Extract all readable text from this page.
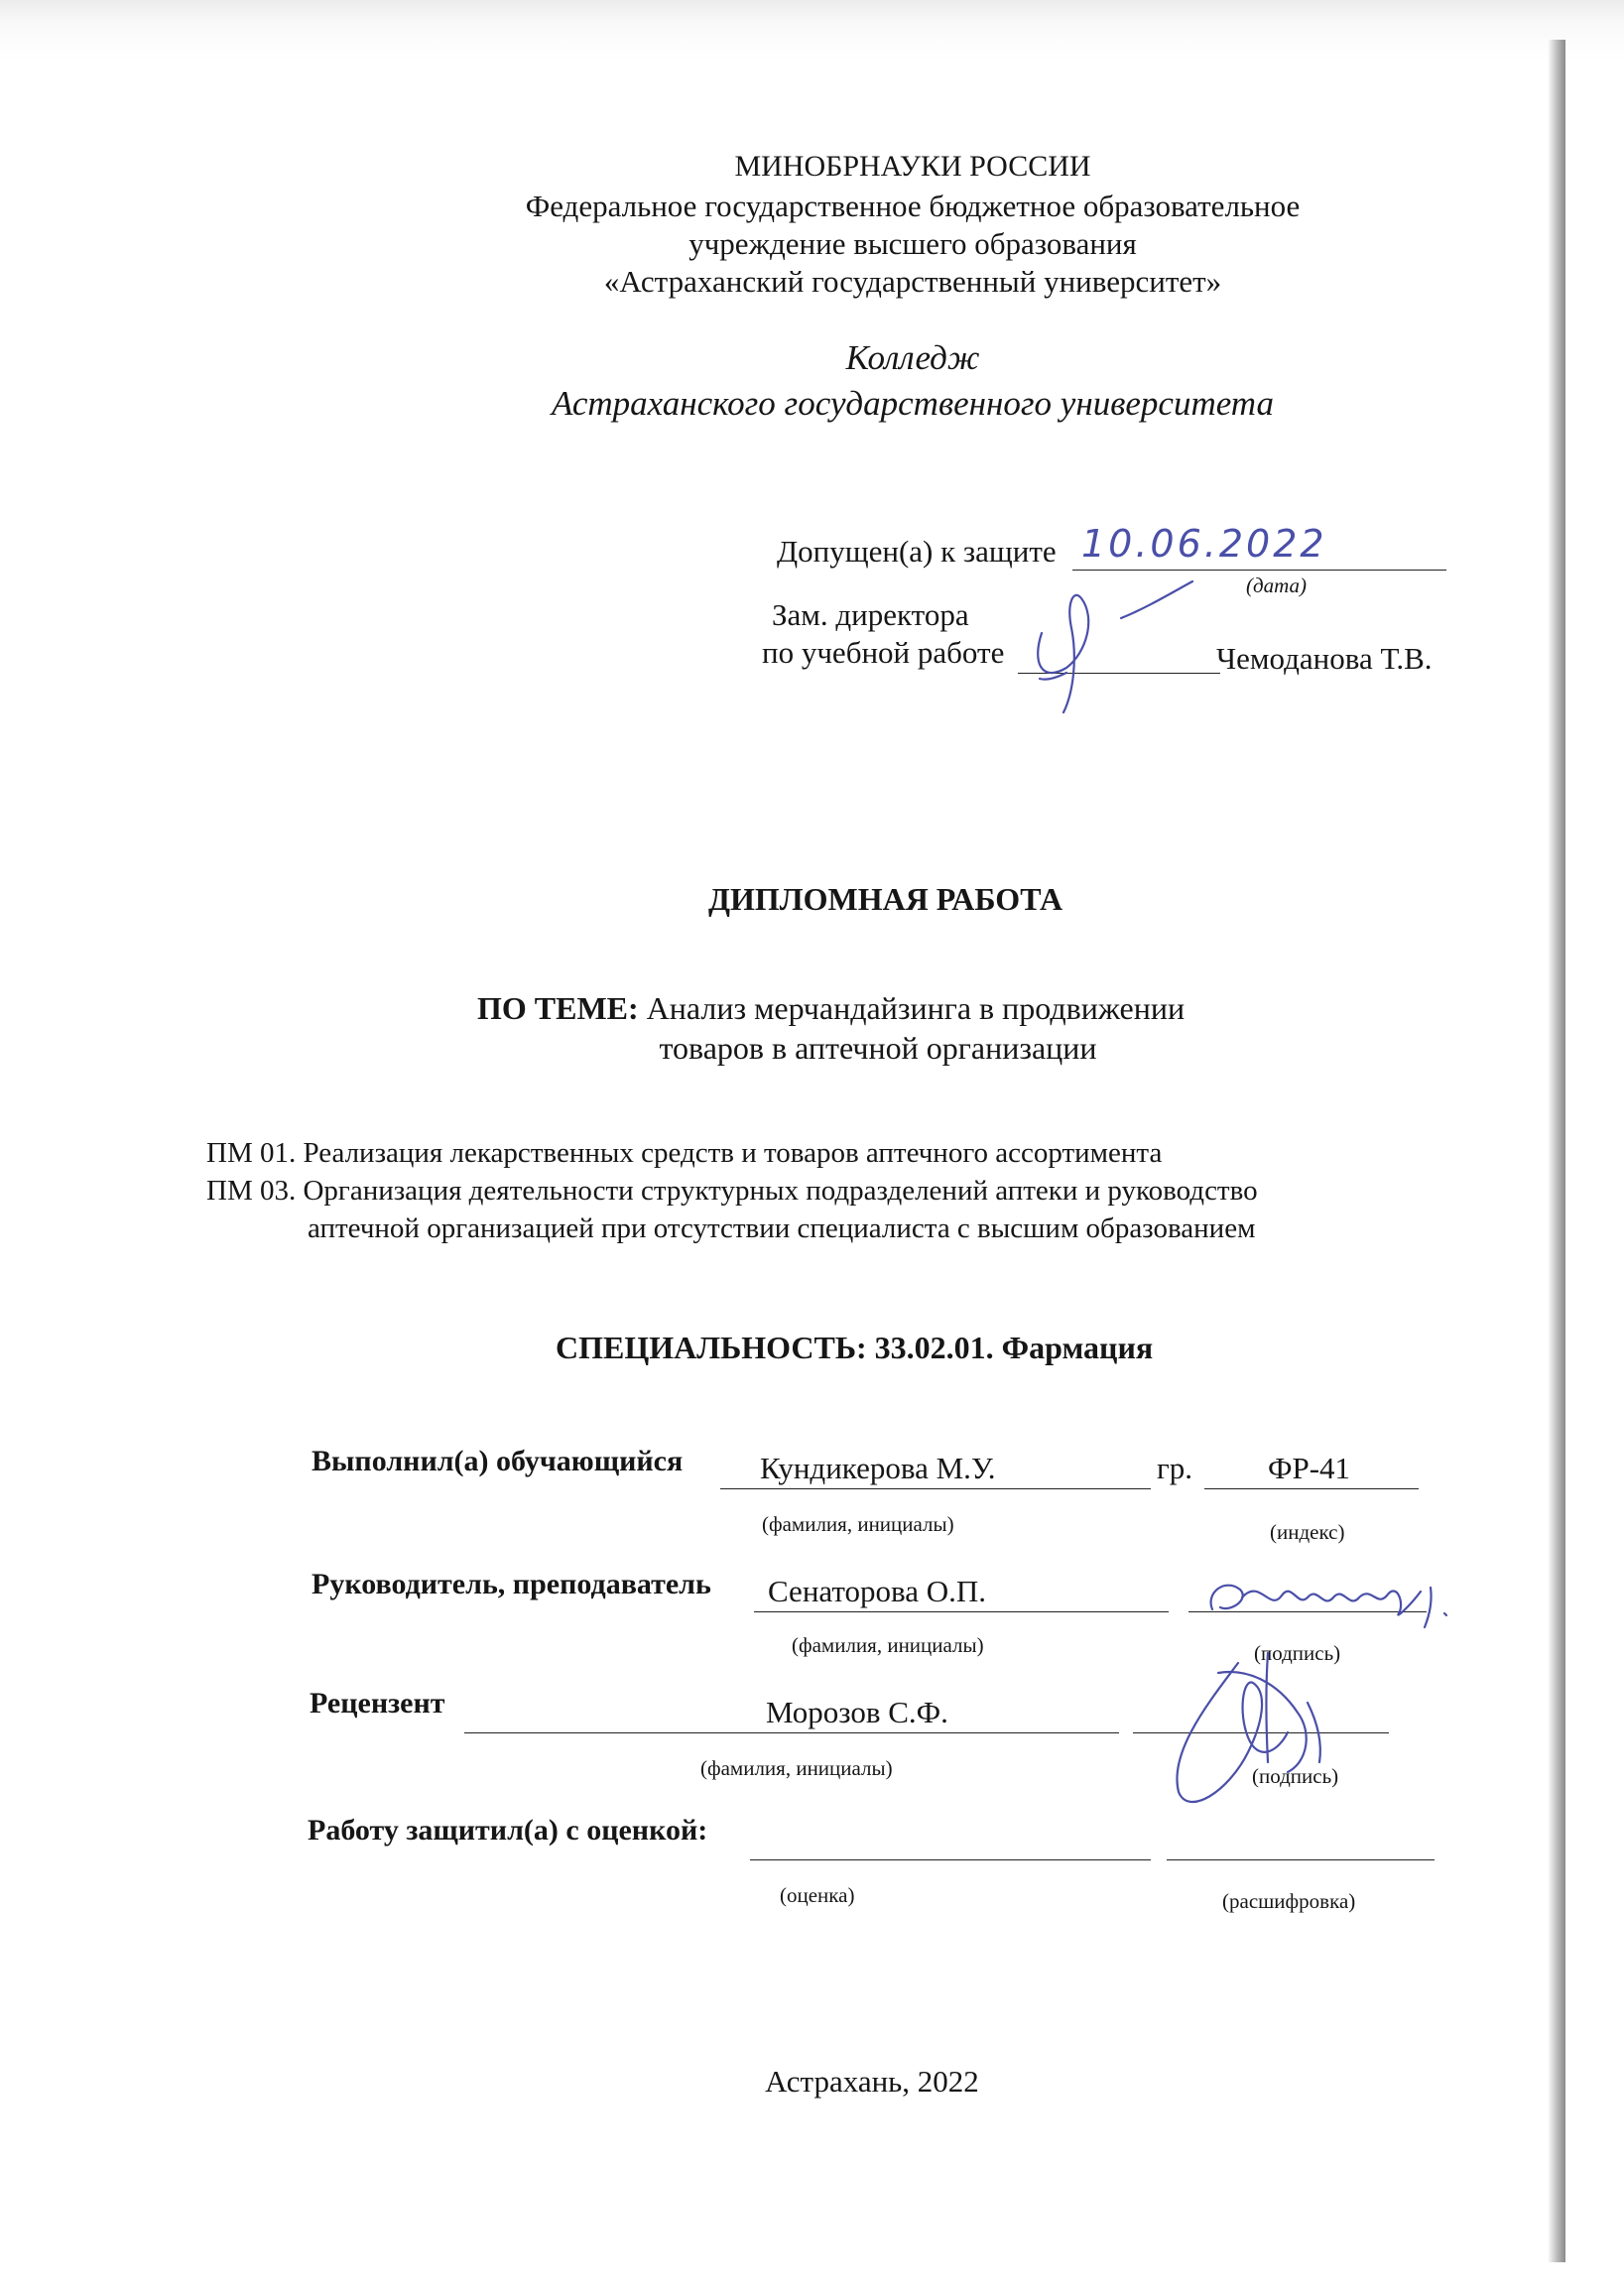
МИНОБРНАУКИ РОССИИ
Федеральное государственное бюджетное образовательное
учреждение высшего образования
«Астраханский государственный университет»
Колледж
Астраханского государственного университета
Допущен(а) к защите 10.06.2022
(дата)
Зам. директора
по учебной работе	Чемоданова Т.В.
ДИПЛОМНАЯ РАБОТА
ПО ТЕМЕ: Анализ мерчандайзинга в продвижении
товаров в аптечной организации
ПМ 01. Реализация лекарственных средств и товаров аптечного ассортимента
ПМ 03. Организация деятельности структурных подразделений аптеки и руководство
аптечной организацией при отсутствии специалиста с высшим образованием
СПЕЦИАЛЬНОСТЬ: 33.02.01. Фармация
Выполнил(а) обучающийся	Кундикерова М.У.	гр. ФР-41
(фамилия, инициалы)	(индекс)
Руководитель, преподаватель Сенаторова О.П.
(фамилия, инициалы)	(подпись)
Рецензент	Морозов С.Ф.
(фамилия, инициалы)	(подпись)
Работу защитил(а) с оценкой:
(оценка)	(расшифровка)
Астрахань, 2022
